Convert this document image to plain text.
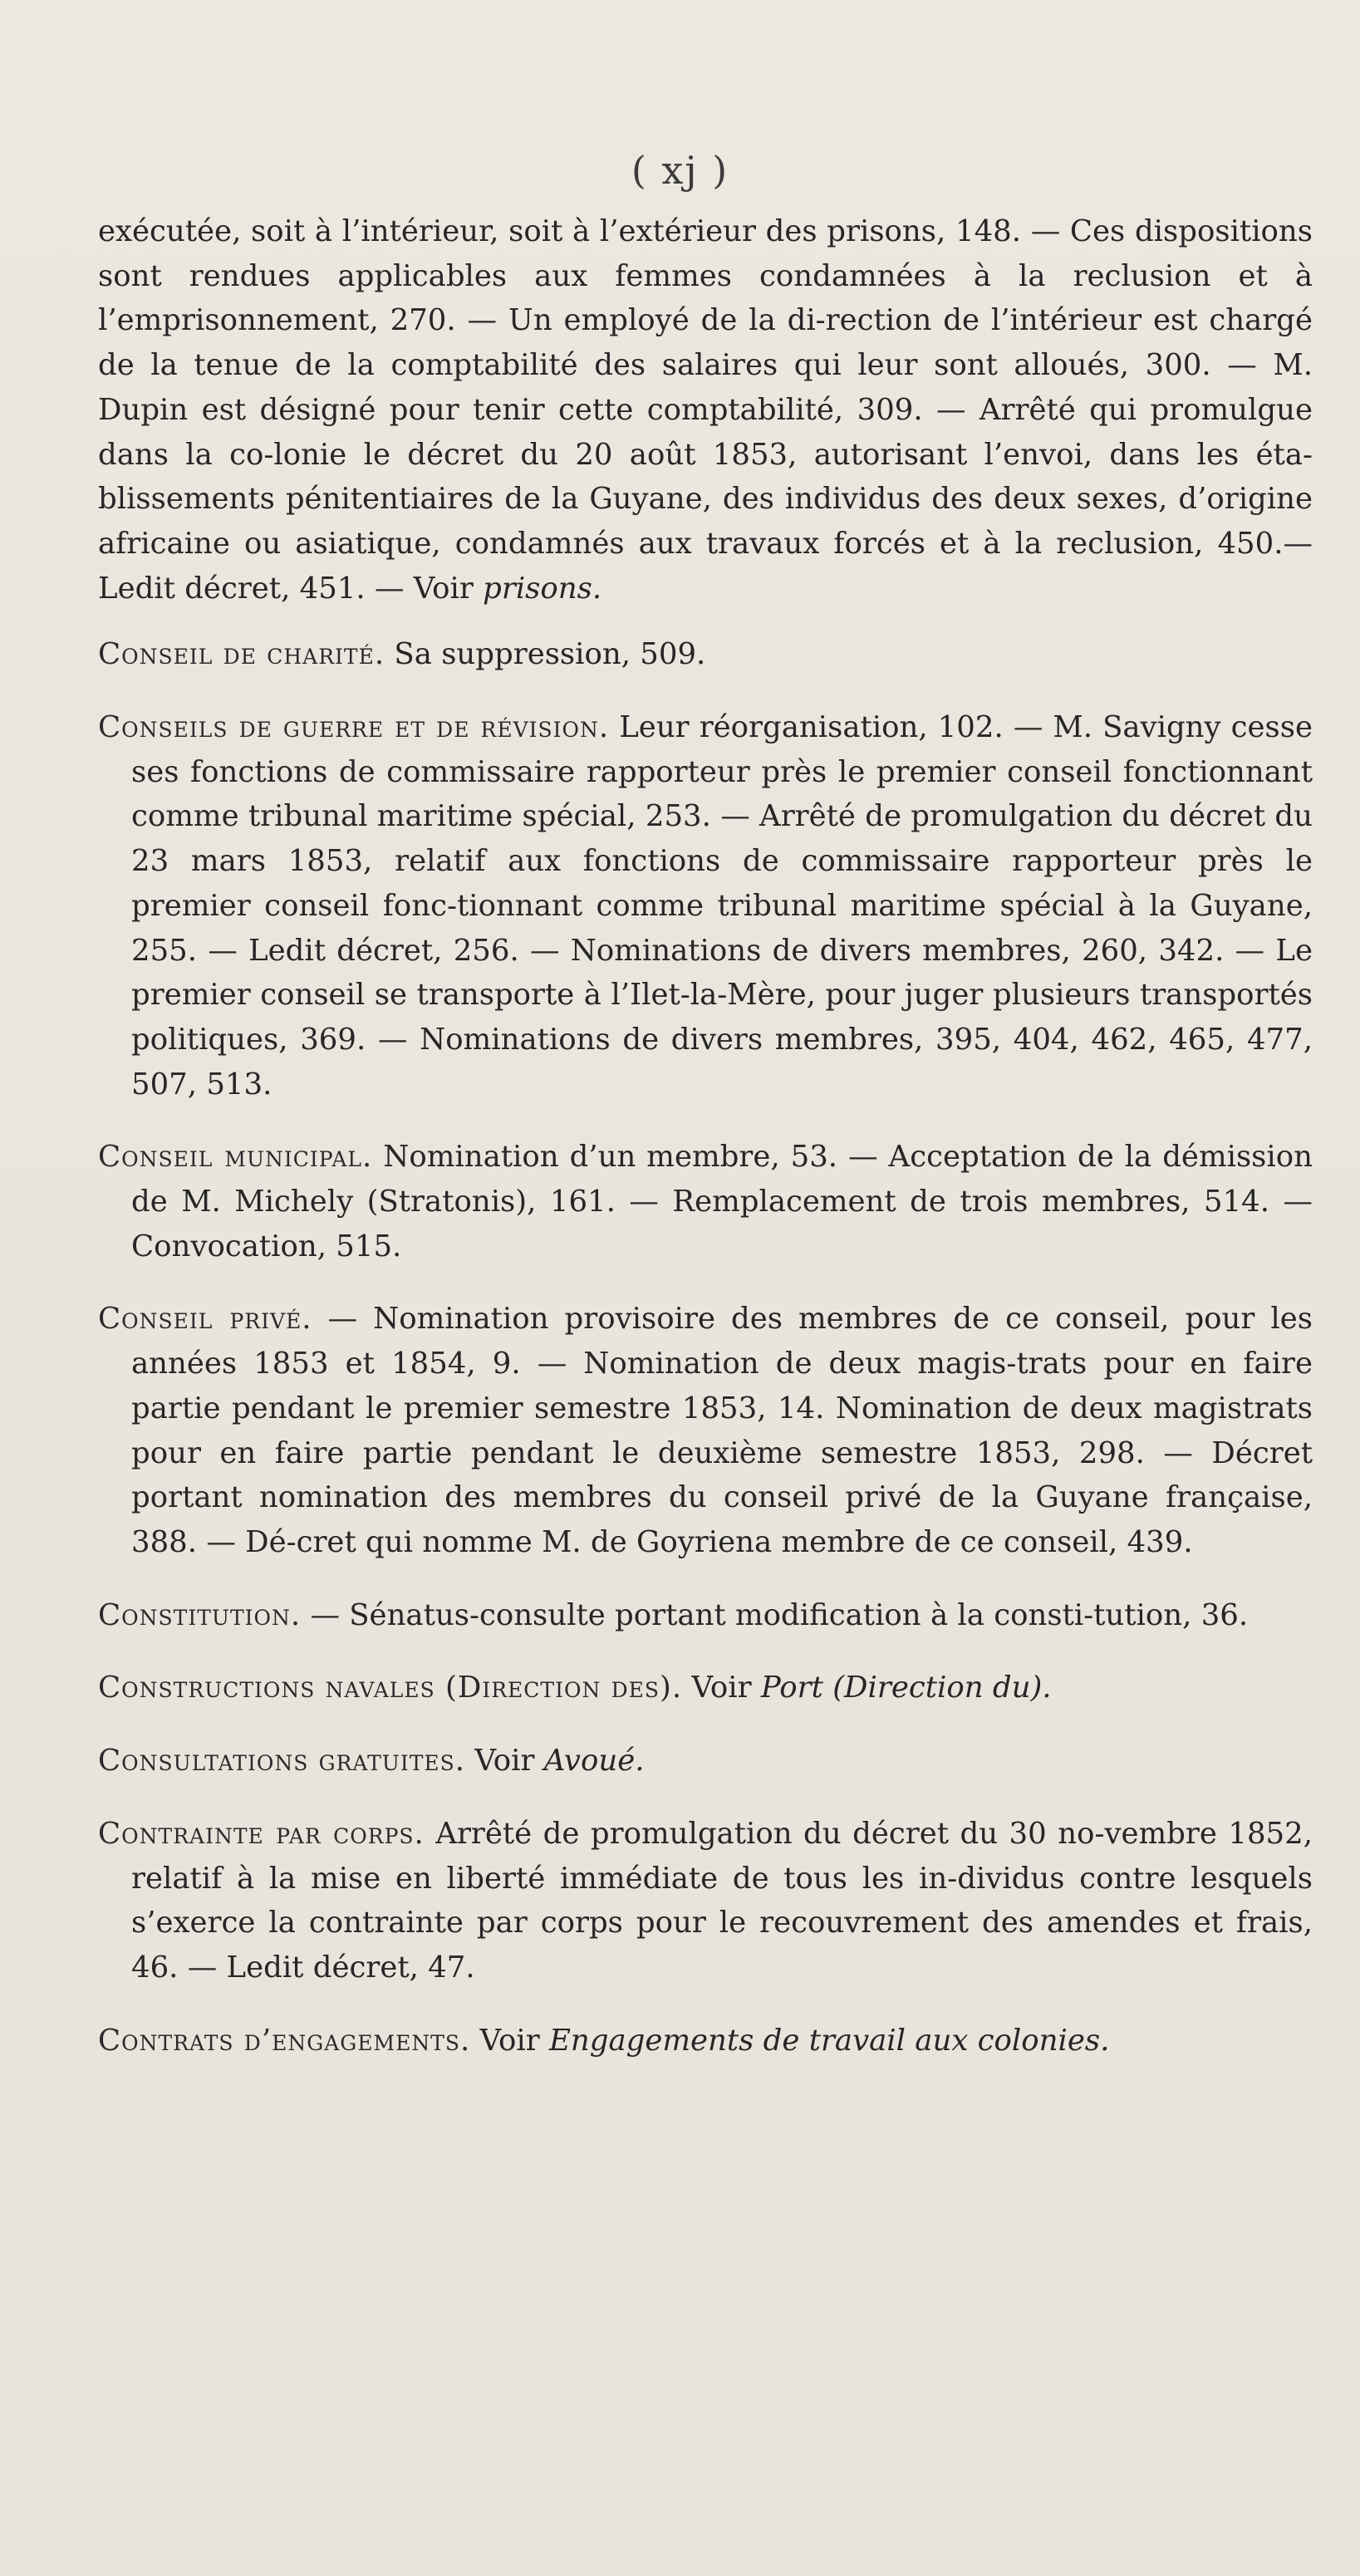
( xj )

exécutée, soit à l’intérieur, soit à l’extérieur des prisons, 148. — Ces dispositions sont rendues applicables aux femmes condamnées à la reclusion et à l’emprisonnement, 270. — Un employé de la di-rection de l’intérieur est chargé de la tenue de la comptabilité des salaires qui leur sont alloués, 300. — M. Dupin est désigné pour tenir cette comptabilité, 309. — Arrêté qui promulgue dans la co-lonie le décret du 20 août 1853, autorisant l’envoi, dans les éta-blissements pénitentiaires de la Guyane, des individus des deux sexes, d’origine africaine ou asiatique, condamnés aux travaux forcés et à la reclusion, 450.— Ledit décret, 451. — Voir prisons.

Conseil de charité. Sa suppression, 509.

Conseils de guerre et de révision. Leur réorganisation, 102. — M. Savigny cesse ses fonctions de commissaire rapporteur près le premier conseil fonctionnant comme tribunal maritime spécial, 253. — Arrêté de promulgation du décret du 23 mars 1853, relatif aux fonctions de commissaire rapporteur près le premier conseil fonc-tionnant comme tribunal maritime spécial à la Guyane, 255. — Ledit décret, 256. — Nominations de divers membres, 260, 342. — Le premier conseil se transporte à l’Ilet-la-Mère, pour juger plusieurs transportés politiques, 369. — Nominations de divers membres, 395, 404, 462, 465, 477, 507, 513.

Conseil municipal. Nomination d’un membre, 53. — Acceptation de la démission de M. Michely (Stratonis), 161. — Remplacement de trois membres, 514. — Convocation, 515.

Conseil privé. — Nomination provisoire des membres de ce conseil, pour les années 1853 et 1854, 9. — Nomination de deux magis-trats pour en faire partie pendant le premier semestre 1853, 14. Nomination de deux magistrats pour en faire partie pendant le deuxième semestre 1853, 298. — Décret portant nomination des membres du conseil privé de la Guyane française, 388. — Dé-cret qui nomme M. de Goyriena membre de ce conseil, 439.

Constitution. — Sénatus-consulte portant modification à la consti-tution, 36.

Constructions navales (Direction des). Voir Port (Direction du).

Consultations gratuites. Voir Avoué.

Contrainte par corps. Arrêté de promulgation du décret du 30 no-vembre 1852, relatif à la mise en liberté immédiate de tous les in-dividus contre lesquels s’exerce la contrainte par corps pour le recouvrement des amendes et frais, 46. — Ledit décret, 47.

Contrats d’engagements. Voir Engagements de travail aux colonies.
